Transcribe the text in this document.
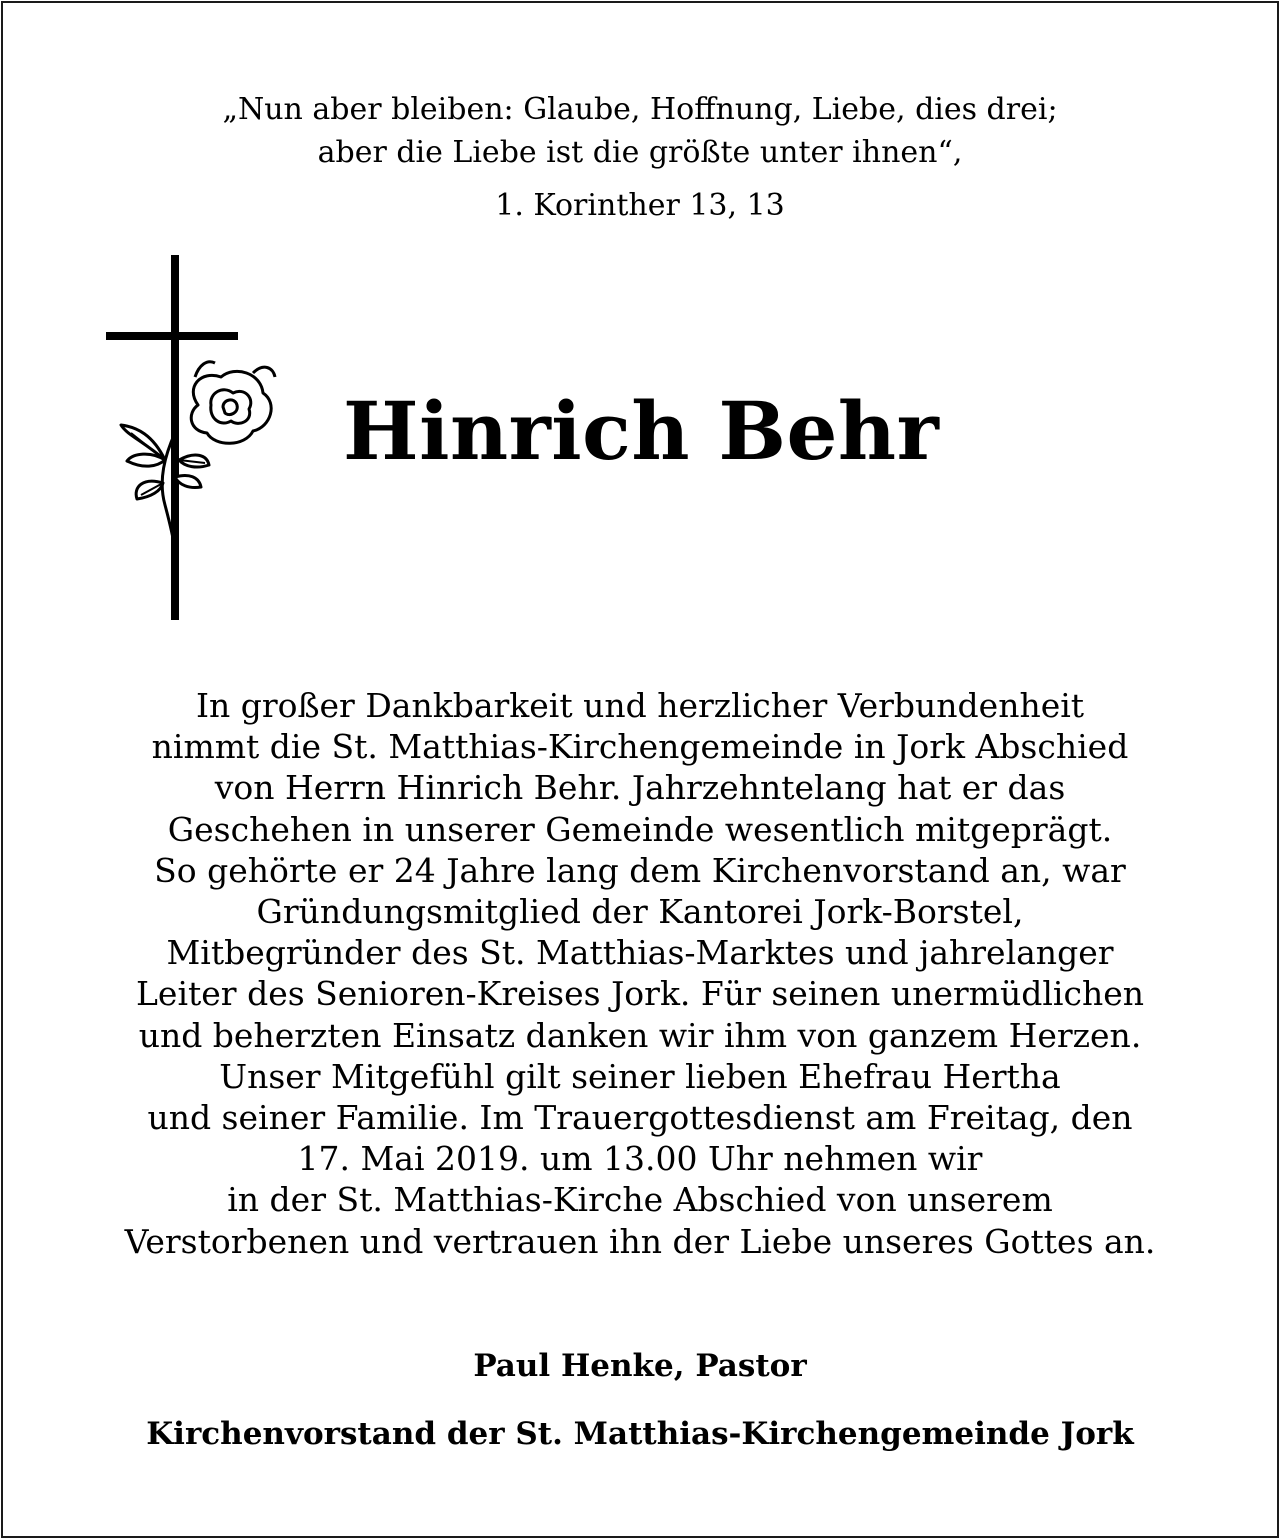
„Nun aber bleiben: Glaube, Hoffnung, Liebe, dies drei;
aber die Liebe ist die größte unter ihnen“,
1. Korinther 13, 13
Hinrich Behr
In großer Dankbarkeit und herzlicher Verbundenheit
nimmt die St. Matthias-Kirchengemeinde in Jork Abschied
von Herrn Hinrich Behr. Jahrzehntelang hat er das
Geschehen in unserer Gemeinde wesentlich mitgeprägt.
So gehörte er 24 Jahre lang dem Kirchenvorstand an, war
Gründungsmitglied der Kantorei Jork-Borstel,
Mitbegründer des St. Matthias-Marktes und jahrelanger
Leiter des Senioren-Kreises Jork. Für seinen unermüdlichen
und beherzten Einsatz danken wir ihm von ganzem Herzen.
Unser Mitgefühl gilt seiner lieben Ehefrau Hertha
und seiner Familie. Im Trauergottesdienst am Freitag, den
17. Mai 2019. um 13.00 Uhr nehmen wir
in der St. Matthias-Kirche Abschied von unserem
Verstorbenen und vertrauen ihn der Liebe unseres Gottes an.
Paul Henke, Pastor
Kirchenvorstand der St. Matthias-Kirchengemeinde Jork
